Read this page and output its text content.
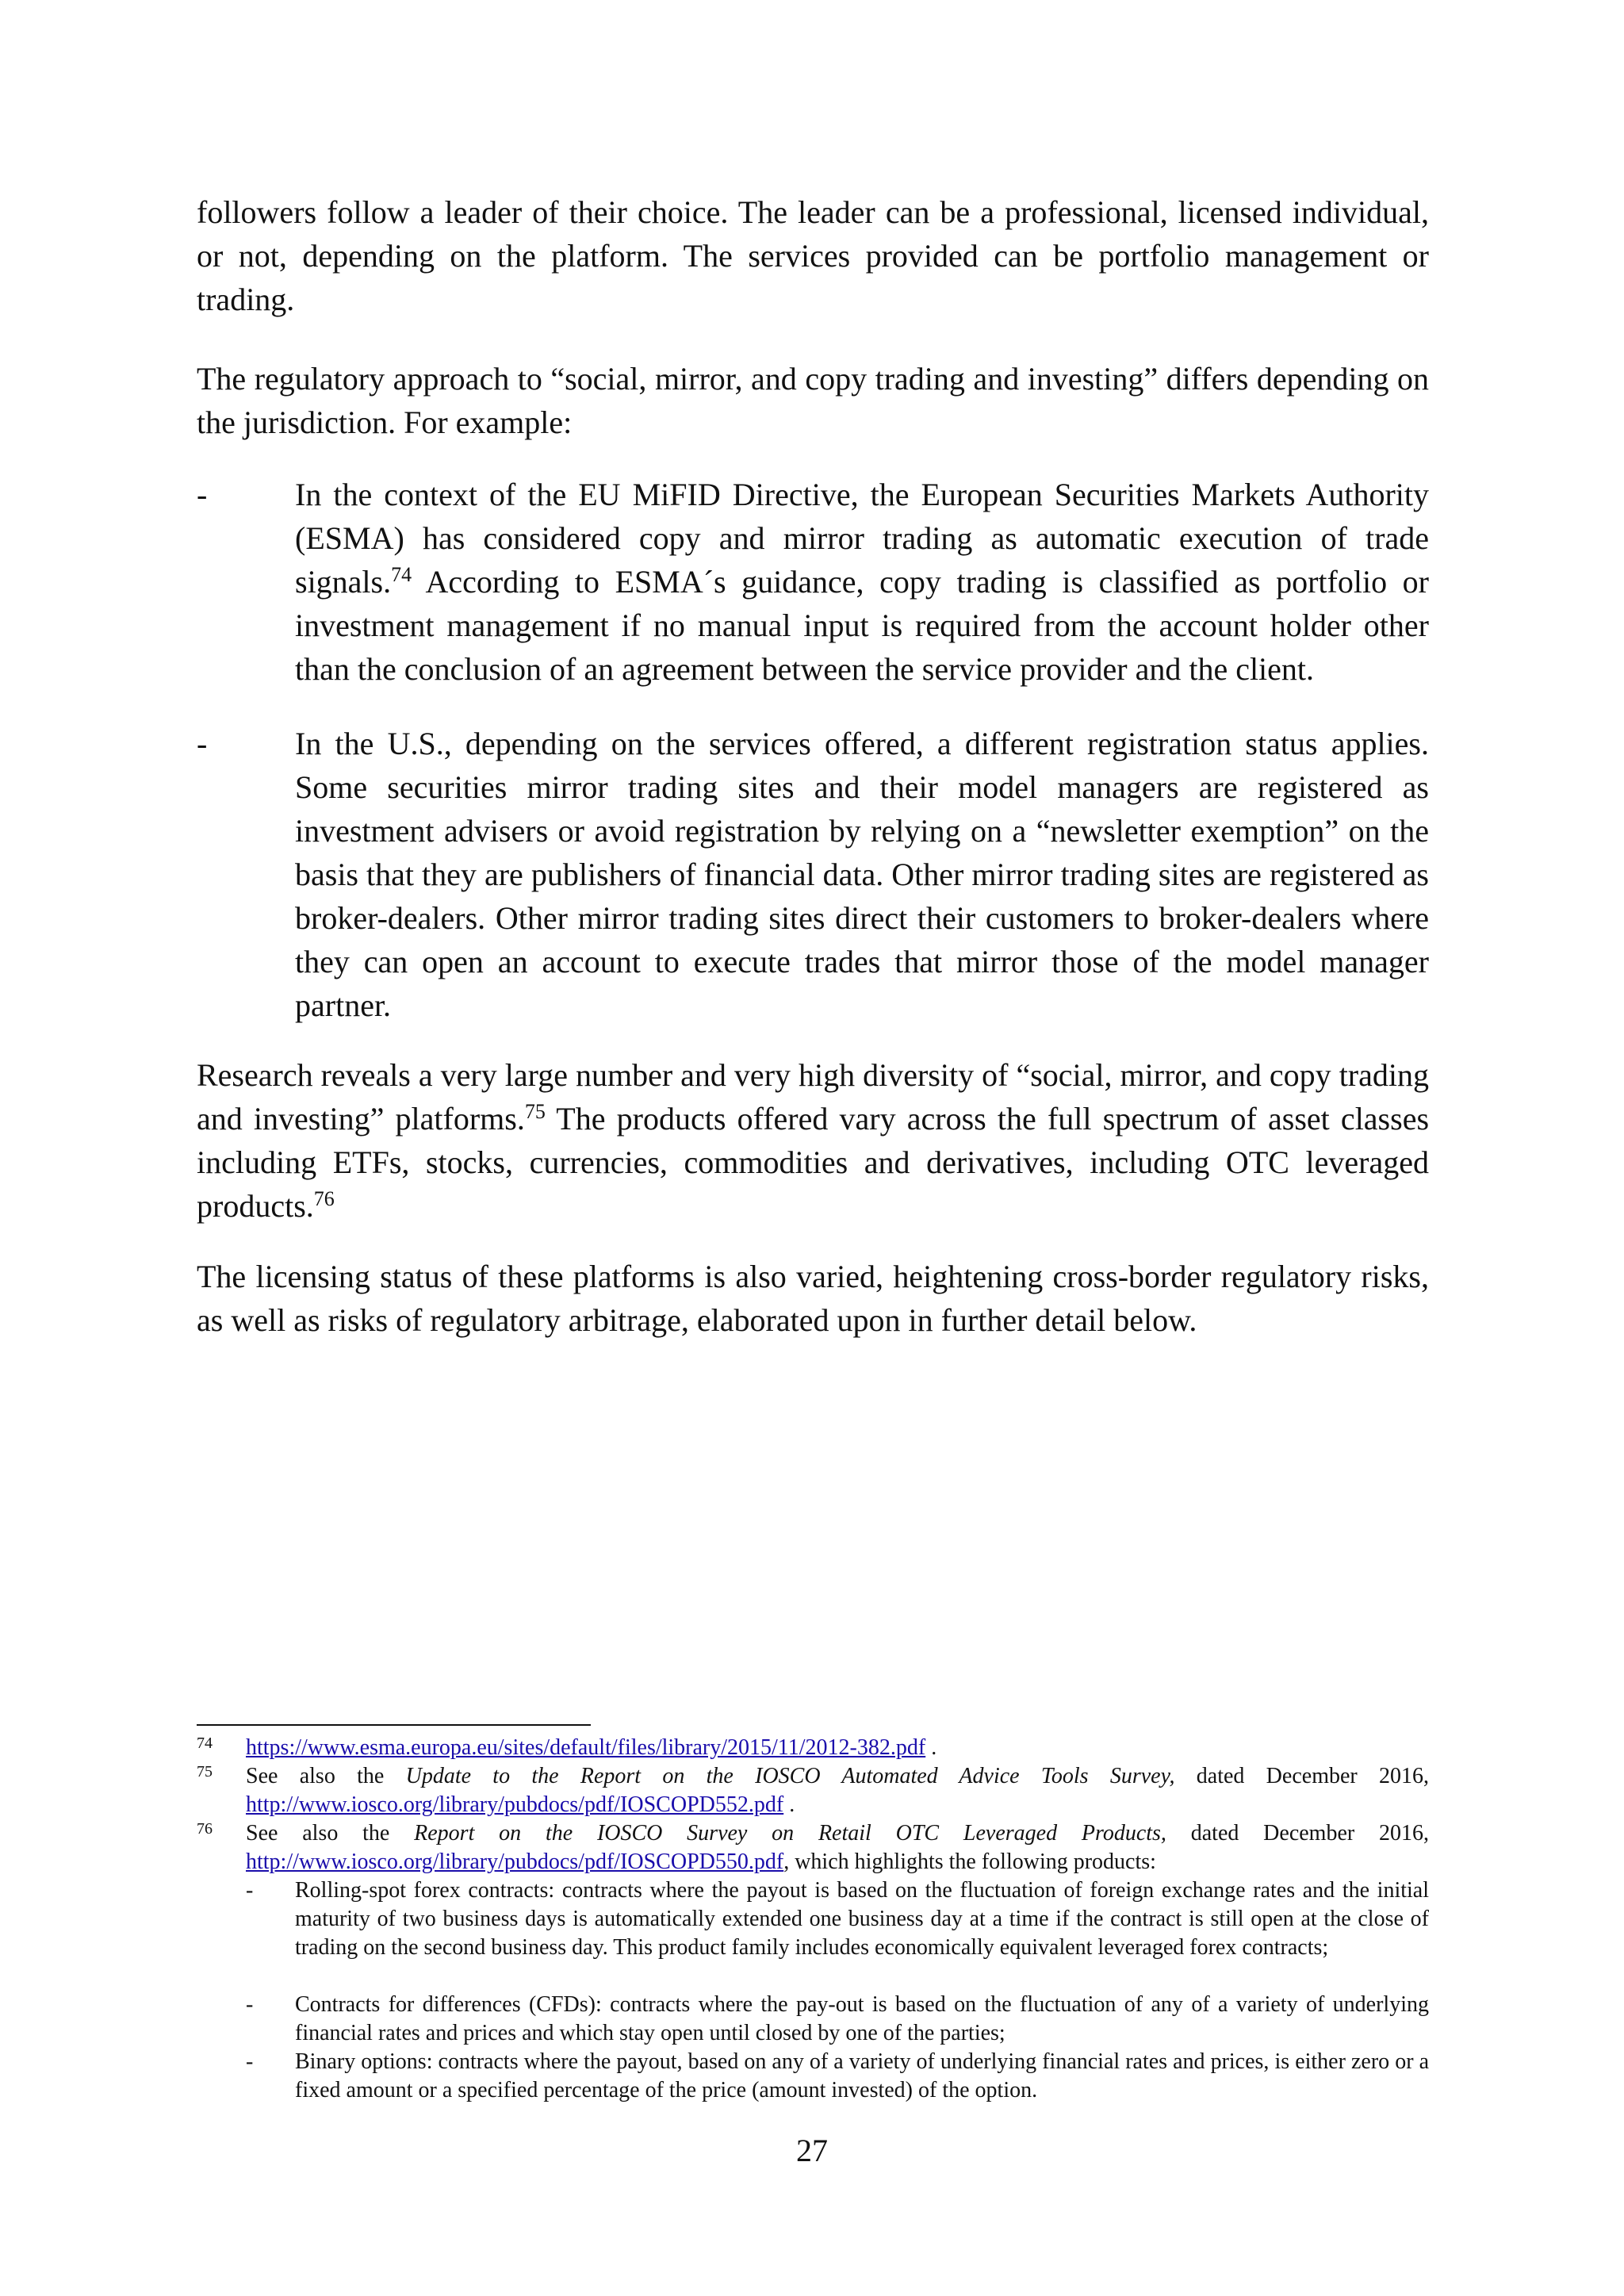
followers follow a leader of their choice. The leader can be a professional, licensed individual, or not, depending on the platform. The services provided can be portfolio management or trading.

The regulatory approach to “social, mirror, and copy trading and investing” differs depending on the jurisdiction. For example:

-	In the context of the EU MiFID Directive, the European Securities Markets Authority (ESMA) has considered copy and mirror trading as automatic execution of trade signals.$^{74}$ According to ESMA´s guidance, copy trading is classified as portfolio or investment management if no manual input is required from the account holder other than the conclusion of an agreement between the service provider and the client.

-	In the U.S., depending on the services offered, a different registration status applies. Some securities mirror trading sites and their model managers are registered as investment advisers or avoid registration by relying on a “newsletter exemption” on the basis that they are publishers of financial data. Other mirror trading sites are registered as broker-dealers. Other mirror trading sites direct their customers to broker-dealers where they can open an account to execute trades that mirror those of the model manager partner.

Research reveals a very large number and very high diversity of “social, mirror, and copy trading and investing” platforms.$^{75}$ The products offered vary across the full spectrum of asset classes including ETFs, stocks, currencies, commodities and derivatives, including OTC leveraged products.$^{76}$

The licensing status of these platforms is also varied, heightening cross-border regulatory risks, as well as risks of regulatory arbitrage, elaborated upon in further detail below.

74 https://www.esma.europa.eu/sites/default/files/library/2015/11/2012-382.pdf .

75 See also the Update to the Report on the IOSCO Automated Advice Tools Survey, dated December 2016, http://www.iosco.org/library/pubdocs/pdf/IOSCOPD552.pdf .

76 See also the Report on the IOSCO Survey on Retail OTC Leveraged Products, dated December 2016, http://www.iosco.org/library/pubdocs/pdf/IOSCOPD550.pdf, which highlights the following products:

- Rolling-spot forex contracts: contracts where the payout is based on the fluctuation of foreign exchange rates and the initial maturity of two business days is automatically extended one business day at a time if the contract is still open at the close of trading on the second business day. This product family includes economically equivalent leveraged forex contracts;

- Contracts for differences (CFDs): contracts where the pay-out is based on the fluctuation of any of a variety of underlying financial rates and prices and which stay open until closed by one of the parties;

- Binary options: contracts where the payout, based on any of a variety of underlying financial rates and prices, is either zero or a fixed amount or a specified percentage of the price (amount invested) of the option.

27
